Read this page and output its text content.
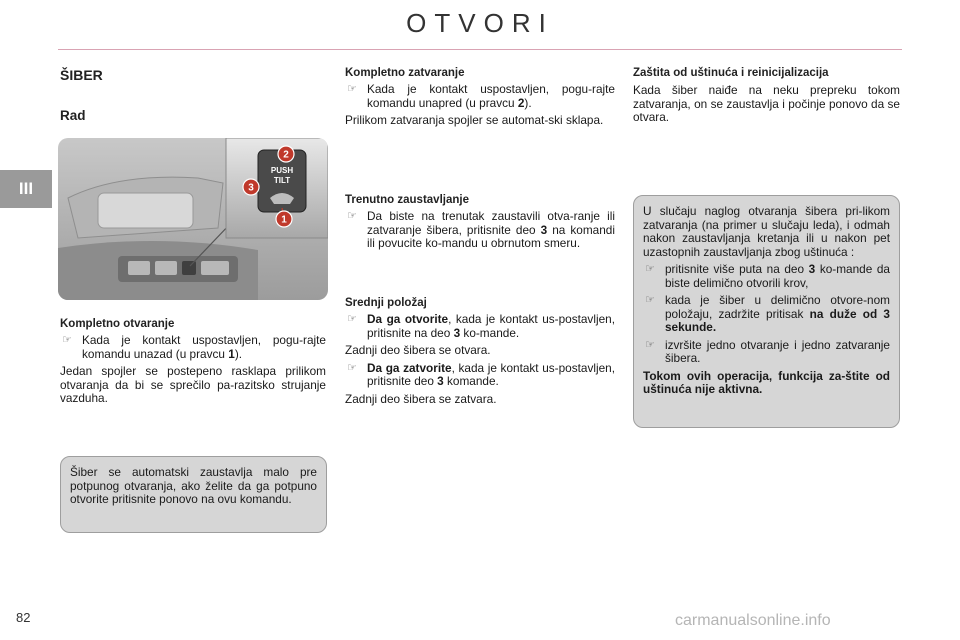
OTVORI
III
ŠIBER
Rad
PUSH
TILT
2
3
1
Kompletno otvaranje
☞ Kada je kontakt uspostavljen, pogu-rajte komandu unazad (u pravcu 1).
Jedan spojler se postepeno rasklapa prilikom otvaranja da bi se sprečilo pa-razitsko strujanje vazduha.
Šiber se automatski zaustavlja malo pre potpunog otvaranja, ako želite da ga potpuno otvorite pritisnite ponovo na ovu komandu.
Kompletno zatvaranje
☞ Kada je kontakt uspostavljen, pogu-rajte komandu unapred (u pravcu 2).
Prilikom zatvaranja spojler se automat-ski sklapa.
Trenutno zaustavljanje
☞ Da biste na trenutak zaustavili otva-ranje ili zatvaranje šibera, pritisnite deo 3 na komandi ili povucite ko-mandu u obrnutom smeru.
Srednji položaj
☞ Da ga otvorite, kada je kontakt us-postavljen, pritisnite na deo 3 ko-mande.
Zadnji deo šibera se otvara.
☞ Da ga zatvorite, kada je kontakt us-postavljen, pritisnite deo 3 komande.
Zadnji deo šibera se zatvara.
Zaštita od uštinuća i reinicijalizacija
Kada šiber naiđe na neku prepreku tokom zatvaranja, on se zaustavlja i počinje ponovo da se otvara.
U slučaju naglog otvaranja šibera pri-likom zatvaranja (na primer u slučaju leda), i odmah nakon zaustavljanja kretanja ili u nakon pet uzastopnih zaustavljanja zbog uštinuća :
☞ pritisnite više puta na deo 3 ko-mande da biste delimično otvorili krov,
☞ kada je šiber u delimično otvore-nom položaju, zadržite pritisak na duže od 3 sekunde.
☞ izvršite jedno otvaranje i jedno zatvaranje šibera.
Tokom ovih operacija, funkcija za-štite od uštinuća nije aktivna.
82	carmanualsonline.info
